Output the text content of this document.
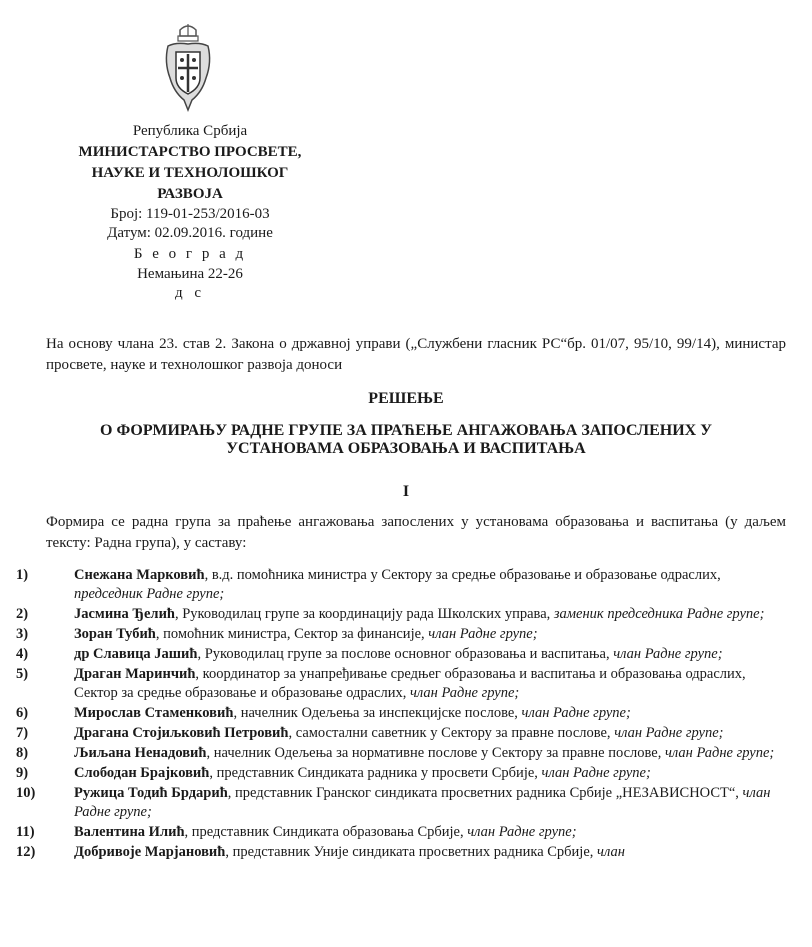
Република Србија
МИНИСТАРСТВО ПРОСВЕТЕ,
НАУКЕ И ТЕХНОЛОШКОГ
РАЗВОЈА
Број: 119-01-253/2016-03
Датум: 02.09.2016. године
Б е о г р а д
Немањина 22-26
д с
На основу члана 23. став 2. Закона о државној управи („Службени гласник РС“бр. 01/07, 95/10, 99/14), министар просвете, науке и технолошког развоја доноси
РЕШЕЊЕ
О ФОРМИРАЊУ РАДНЕ ГРУПЕ ЗА ПРАЋЕЊЕ АНГАЖОВАЊА ЗАПОСЛЕНИХ У
УСТАНОВАМА ОБРАЗОВАЊА И ВАСПИТАЊА
I
Формира се радна група за праћење ангажовања запослених у установама образовања и васпитања (у даљем тексту: Радна група), у саставу:
1)	Снежана Марковић, в.д. помоћника министра у Сектору за средње образовање и образовање одраслих, председник Радне групе;
2)	Јасмина Ђелић, Руководилац групе за координацију рада Школских управа, заменик председника Радне групе;
3)	Зоран Тубић, помоћник министра, Сектор за финансије, члан Радне групе;
4)	др Славица Јашић, Руководилац групе за послове основног образовања и васпитања, члан Радне групе;
5)	Драган Маринчић, координатор за унапређивање средњег образовања и васпитања и образовања одраслих, Сектор за средње образовање и образовање одраслих, члан Радне групе;
6)	Мирослав Стаменковић, начелник Одељења за инспекцијске послове, члан Радне групе;
7)	Драгана Стојиљковић Петровић, самостални саветник у Сектору за правне послове, члан Радне групе;
8)	Љиљана Ненадовић, начелник Одељења за нормативне послове у Сектору за правне послове, члан Радне групе;
9)	Слободан Брајковић, представник Синдиката радника у просвети Србије, члан Радне групе;
10)	Ружица Тодић Брдарић, представник Гранског синдиката просветних радника Србије „НЕЗАВИСНОСТ“, члан Радне групе;
11)	Валентина Илић, представник Синдиката образовања Србије, члан Радне групе;
12)	Добривоје Марјановић, представник Уније синдиката просветних радника Србије, члан
